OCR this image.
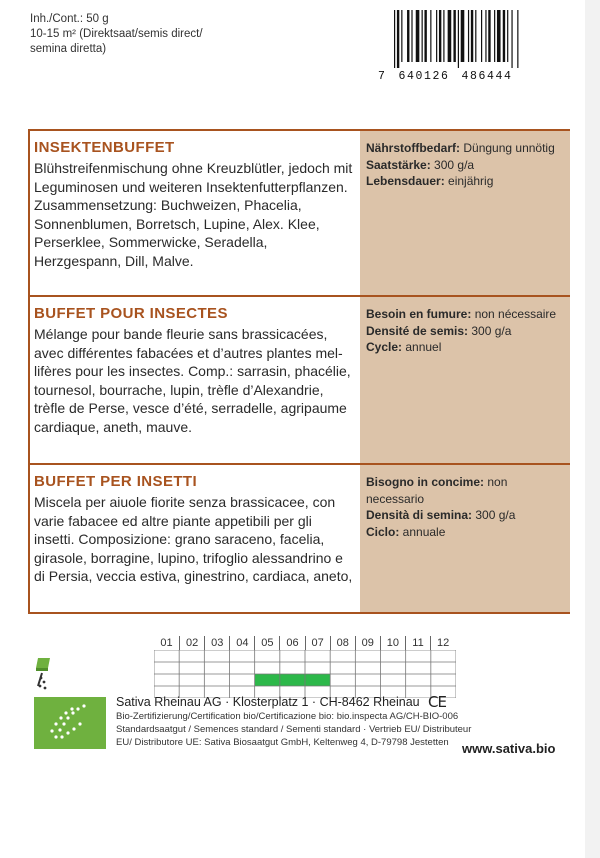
Inh./Cont.: 50 g
10-15 m² (Direktsaat/semis direct/
semina diretta)
7 640126 486444
INSEKTENBUFFET
Blühstreifenmischung ohne Kreuzblütler, jedoch mit Leguminosen und weiteren Insektenfutterpflanzen. Zusammensetzung: Buchweizen, Phacelia, Sonnenblumen, Borretsch, Lupine, Alex. Klee, Perserklee, Sommerwicke, Seradella, Herzgespann, Dill, Malve.
Nährstoffbedarf: Düngung unnötig
Saatstärke: 300 g/a
Lebensdauer: einjährig
BUFFET POUR INSECTES
Mélange pour bande fleurie sans brassicacées, avec différentes fabacées et d’autres plantes mellifères pour les insectes. Comp.: sarrasin, phacélie, tournesol, bourrache, lupin, trèfle d’Alexandrie, trèfle de Perse, vesce d’été, serradelle, agripaume cardiaque, aneth, mauve.
Besoin en fumure: non nécessaire
Densité de semis: 300 g/a
Cycle: annuel
BUFFET PER INSETTI
Miscela per aiuole fiorite senza brassicacee, con varie fabacee ed altre piante appetibili per gli insetti. Composizione: grano saraceno, facelia, girasole, borragine, lupino, trifoglio alessandrino e di Persia, veccia estiva, ginestrino, cardiaca, aneto,
Bisogno in concime: non necessario
Densità di semina: 300 g/a
Ciclo: annuale
01	02	03	04	05	06	07	08	09	10	11	12
Sativa Rheinau AG · Klosterplatz 1 · CH-8462 Rheinau
Bio-Zertifizierung/Certification bio/Certificazione bio: bio.inspecta AG/CH-BIO-006
Standardsaatgut / Semences standard / Sementi standard · Vertrieb EU/ Distributeur
EU/ Distributore UE: Sativa Biosaatgut GmbH, Keltenweg 4, D-79798 Jestetten
CE
www.sativa.bio
